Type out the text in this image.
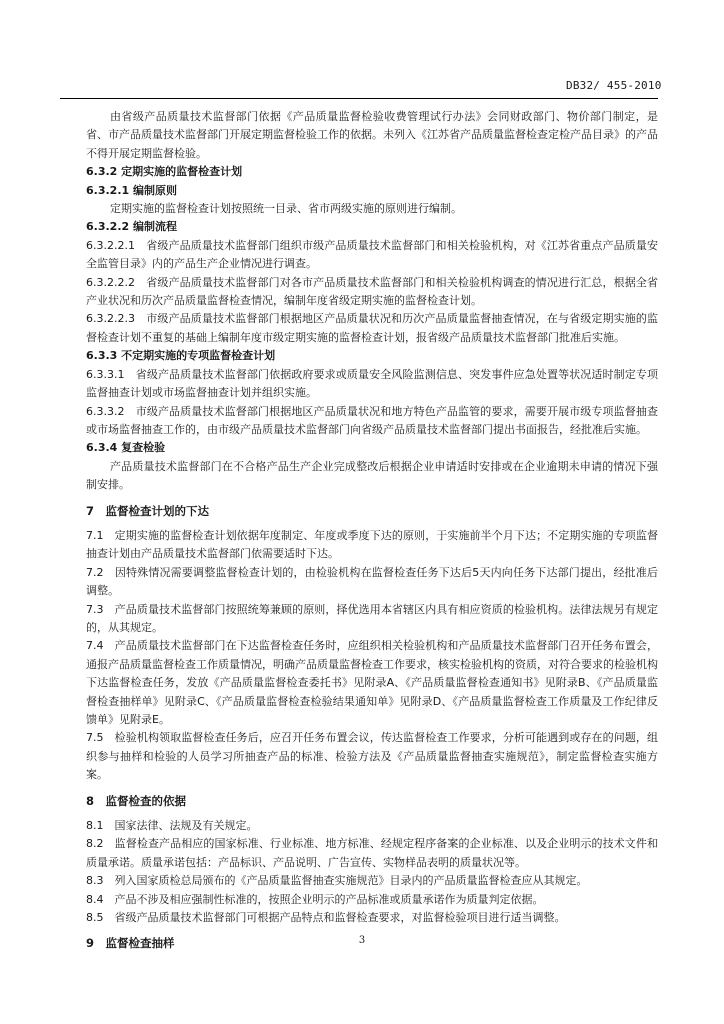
DB32/ 455-2010

由省级产品质量技术监督部门依据《产品质量监督检验收费管理试行办法》会同财政部门、物价部门制定，是省、市产品质量技术监督部门开展定期监督检验工作的依据。未列入《江苏省产品质量监督检查定检产品目录》的产品不得开展定期监督检验。

6.3.2 定期实施的监督检查计划

6.3.2.1 编制原则

定期实施的监督检查计划按照统一目录、省市两级实施的原则进行编制。

6.3.2.2 编制流程

6.3.2.2.1　省级产品质量技术监督部门组织市级产品质量技术监督部门和相关检验机构，对《江苏省重点产品质量安全监管目录》内的产品生产企业情况进行调查。

6.3.2.2.2　省级产品质量技术监督部门对各市产品质量技术监督部门和相关检验机构调查的情况进行汇总，根据全省产业状况和历次产品质量监督检查情况，编制年度省级定期实施的监督检查计划。

6.3.2.2.3　市级产品质量技术监督部门根据地区产品质量状况和历次产品质量监督抽查情况，在与省级定期实施的监督检查计划不重复的基础上编制年度市级定期实施的监督检查计划，报省级产品质量技术监督部门批准后实施。

6.3.3 不定期实施的专项监督检查计划

6.3.3.1　省级产品质量技术监督部门依据政府要求或质量安全风险监测信息、突发事件应急处置等状况适时制定专项监督抽查计划或市场监督抽查计划并组织实施。

6.3.3.2　市级产品质量技术监督部门根据地区产品质量状况和地方特色产品监管的要求，需要开展市级专项监督抽查或市场监督抽查工作的，由市级产品质量技术监督部门向省级产品质量技术监督部门提出书面报告，经批准后实施。

6.3.4 复查检验

产品质量技术监督部门在不合格产品生产企业完成整改后根据企业申请适时安排或在企业逾期未申请的情况下强制安排。

7　监督检查计划的下达

7.1　定期实施的监督检查计划依据年度制定、年度或季度下达的原则，于实施前半个月下达；不定期实施的专项监督抽查计划由产品质量技术监督部门依需要适时下达。

7.2　因特殊情况需要调整监督检查计划的，由检验机构在监督检查任务下达后5天内向任务下达部门提出，经批准后调整。

7.3　产品质量技术监督部门按照统筹兼顾的原则，择优选用本省辖区内具有相应资质的检验机构。法律法规另有规定的，从其规定。

7.4　产品质量技术监督部门在下达监督检查任务时，应组织相关检验机构和产品质量技术监督部门召开任务布置会，通报产品质量监督检查工作质量情况，明确产品质量监督检查工作要求，核实检验机构的资质，对符合要求的检验机构下达监督检查任务，发放《产品质量监督检查委托书》见附录A、《产品质量监督检查通知书》见附录B、《产品质量监督检查抽样单》见附录C、《产品质量监督检查检验结果通知单》见附录D、《产品质量监督检查工作质量及工作纪律反馈单》见附录E。

7.5　检验机构领取监督检查任务后，应召开任务布置会议，传达监督检查工作要求，分析可能遇到或存在的问题，组织参与抽样和检验的人员学习所抽查产品的标准、检验方法及《产品质量监督抽查实施规范》，制定监督检查实施方案。

8　监督检查的依据

8.1　国家法律、法规及有关规定。

8.2　监督检查产品相应的国家标准、行业标准、地方标准、经规定程序备案的企业标准、以及企业明示的技术文件和质量承诺。质量承诺包括：产品标识、产品说明、广告宣传、实物样品表明的质量状况等。

8.3　列入国家质检总局颁布的《产品质量监督抽查实施规范》目录内的产品质量监督检查应从其规定。

8.4　产品不涉及相应强制性标准的，按照企业明示的产品标准或质量承诺作为质量判定依据。

8.5　省级产品质量技术监督部门可根据产品特点和监督检查要求，对监督检验项目进行适当调整。

9　监督检查抽样	3
